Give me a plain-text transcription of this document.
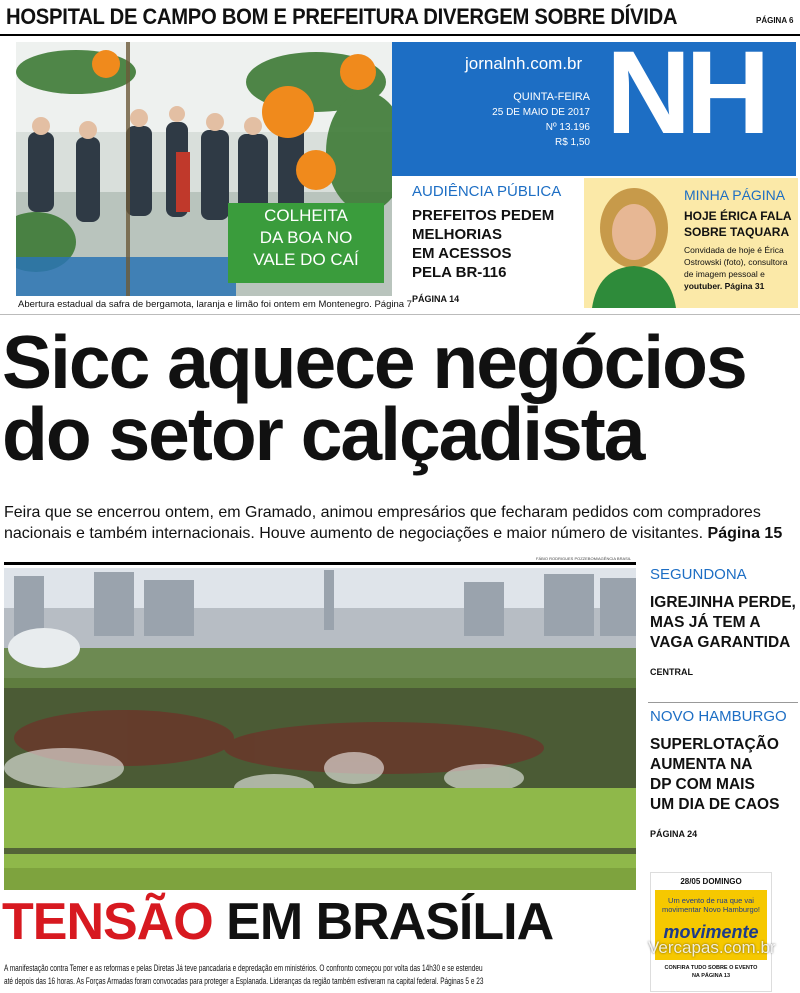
HOSPITAL DE CAMPO BOM E PREFEITURA DIVERGEM SOBRE DÍVIDA	PÁGINA 6
jornalnh.com.br
QUINTA-FEIRA
25 DE MAIO DE 2017
Nº 13.196
R$ 1,50 NH
COLHEITA
DA BOA NO
VALE DO CAÍ
Abertura estadual da safra de bergamota, laranja e limão foi ontem em Montenegro. Página 7
AUDIÊNCIA PÚBLICA
PREFEITOS PEDEM
MELHORIAS
EM ACESSOS
PELA BR-116
PÁGINA 14
MINHA PÁGINA
HOJE ÉRICA FALA
SOBRE TAQUARA
Convidada de hoje é Érica
Ostrowski (foto), consultora
de imagem pessoal e
youtuber. Página 31
Sicc aquece negócios
do setor calçadista
Feira que se encerrou ontem, em Gramado, animou empresários que fecharam pedidos com compradores
nacionais e também internacionais. Houve aumento de negociações e maior número de visitantes. Página 15
FÁBIO RODRIGUES POZZEBOM/AGÊNCIA BRASIL
SEGUNDONA
IGREJINHA PERDE,
MAS JÁ TEM A
VAGA GARANTIDA
CENTRAL
NOVO HAMBURGO
SUPERLOTAÇÃO
AUMENTA NA
DP COM MAIS
UM DIA DE CAOS
PÁGINA 24
TENSÃO EM BRASÍLIA
A manifestação contra Temer e as reformas e pelas Diretas Já teve pancadaria e depredação em ministérios. O confronto começou por volta das 14h30 e se estendeu
até depois das 16 horas. As Forças Armadas foram convocadas para proteger a Esplanada. Lideranças da região também estiveram na capital federal. Páginas 5 e 23
28/05 DOMINGO
Um evento de rua que vai
movimentar Novo Hamburgo!
movimente
CONFIRA TUDO SOBRE O EVENTO
NA PÁGINA 13
Vercapas.com.br
